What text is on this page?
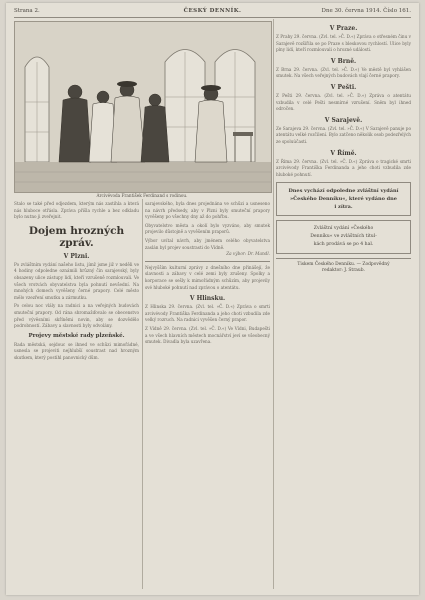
Strana 2.	ČESKÝ DENNÍK.	Dne 30. června 1914. Číslo 161.
Arcivévoda František Ferdinand s rodinou.

Stalo se také před odjezdem, kterým nás zastihla a která nás hluboce otřásla. Zpráva přišla rychle a bez odkladu bylo nutno ji zveřejnit.

Dojem hrozných zpráv.
V Plzni.

Po zvláštním vydání našeho listu, jímž jsme již v neděli ve 4 hodiny odpoledne oznámili hrůzný čin sarajevský, byly obsazeny ulice zástupy lidí, kteří vzrušeně rozmlouvali. Ve všech vrstvách obyvatelstva byla pohnutí nevšední. Na mnohých domech vyvěšeny černé prapory. Celé město mělo vzezření smutku a zármutku.

Po celou noc vlály na radnici a na veřejných budovách smuteční prapory. Od rána shromažďovalo se obecenstvo před vývěsními skříněmi novin, aby se dozvědělo podrobností. Zábavy a slavnosti byly odvolány.

Projevy městské rady plzeňské.

Rada městská, sejdouc se ihned ve schůzi mimořádné, usnesla se projeviti nejhlubší soustrast nad hrozným skutkem, který postihl panovnický dům.

sarajevského, byla dnes projednána ve schůzi a usneseno na návrh předsedy, aby v Plzni byly smuteční prapory vyvěšeny po všechny dny až do pohřbu.

Obyvatelstvo města a okolí bylo vyzváno, aby smutek projevilo důstojně a vyvěšením praporů.

Výbor uvítal návrh, aby jménem celého obyvatelstva zaslán byl projev soustrasti do Vídně.

Za výbor: Dr. Mandl.

Nejvyšším kulturní zprávy z dnešního dne přinášejí, že slavnosti a zábavy v celé zemi byly zrušeny. Spolky a korporace se sešly k mimořádným schůzím, aby projevily své hluboké pohnutí nad zprávou o atentátu.

V Hlinsku.

Z Hlinska 29. června. (Zvl. tel. »Č. D.«) Zpráva o smrti arcivévody Františka Ferdinanda a jeho choti vzbudila zde velký rozruch. Na radnici vyvěšen černý prapor.

Z Vídně 29. června. (Zvl. tel. »Č. D.«) Ve Vídni, Budapešti a ve všech hlavních městech mocnářství jeví se všeobecný smutek. Divadla byla uzavřena.

V Praze.

Z Prahy 29. června. (Zvl. tel. »Č. D.«) Zpráva o otřesném činu v Sarajevě rozšířila se po Praze s bleskovou rychlostí. Ulice byly plny lidí, kteří rozmlouvali o hrozné události.

V Brně.

Z Brna 29. června. (Zvl. tel. »Č. D.«) Ve městě byl vyhlášen smutek. Na všech veřejných budovách vlají černé prapory.

V Pešti.

Z Pešti 29. června. (Zvl. tel. »Č. D.«) Zpráva o atentátu vzbudila v celé Pešti nesmírné vzrušení. Sněm byl ihned odročen.

V Sarajevě.

Ze Sarajeva 29. června. (Zvl. tel. »Č. D.«) V Sarajevě panuje po atentátu velké rozčilení. Bylo zatčeno několik osob podezřelých ze spoluúčasti.

V Římě.

Z Říma 29. června. (Zvl. tel. »Č. D.«) Zpráva o tragické smrti arcivévody Františka Ferdinanda a jeho choti vzbudila zde hluboké pohnutí.

Dnes vychází odpoledne zvláštní vydání
»Českého Denníku«, které vydáno dne
i zítra.
Zvláštní vydání »Českého
Denníku« ve zvláštních titul-
kách prodává se po 4 hal.
Tiskem Českého Denníku. — Zodpovědný
redaktor: J. Straub.
